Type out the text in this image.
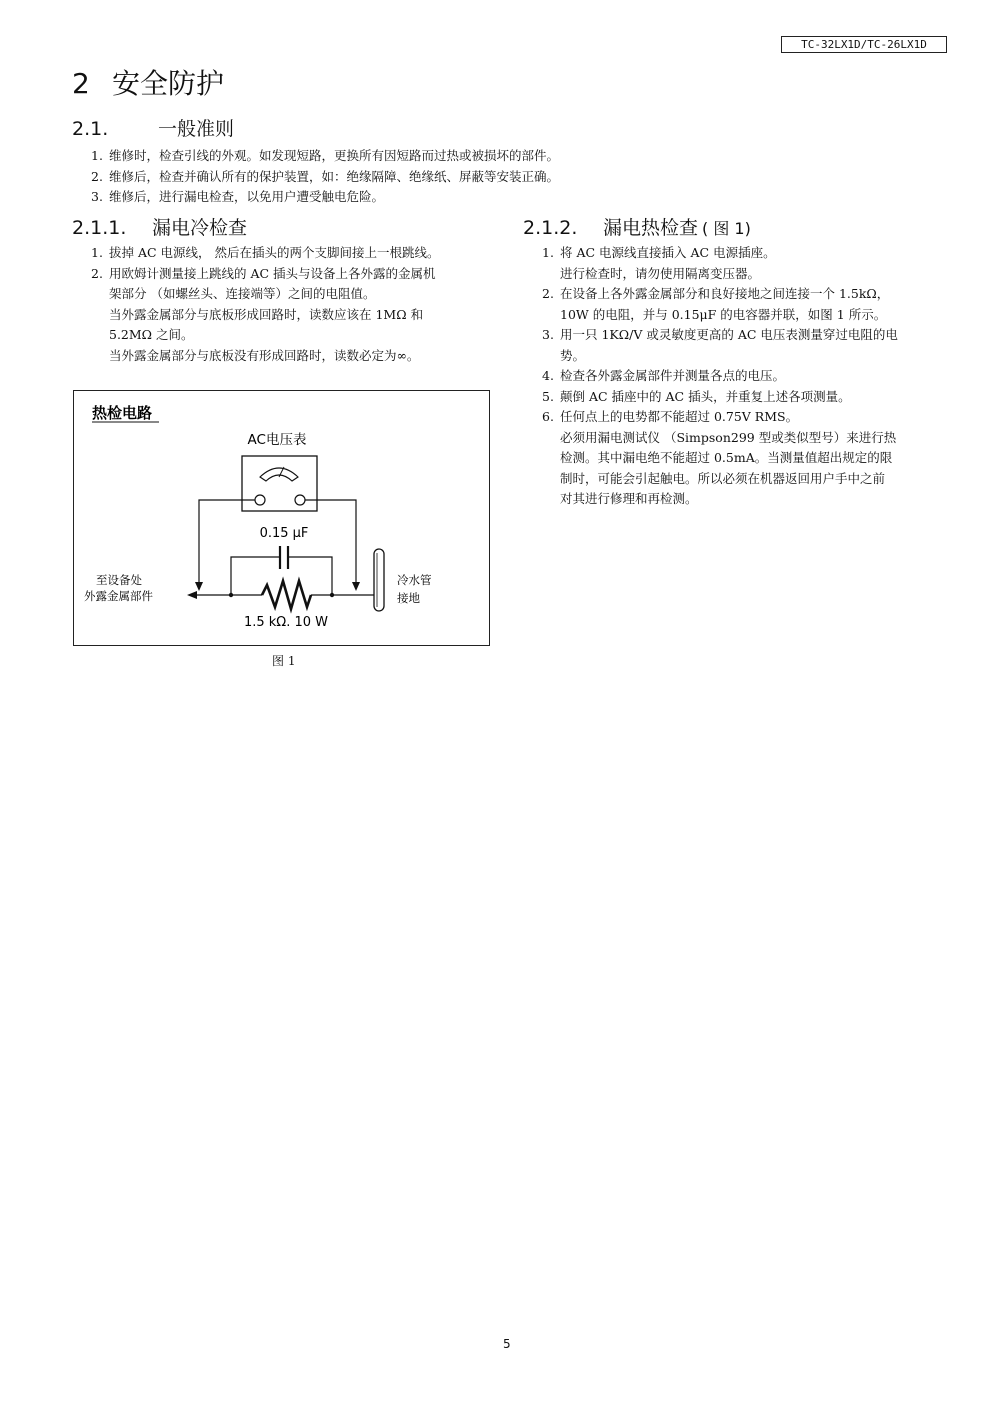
TC-32LX1D/TC-26LX1D
2 安全防护
2.1.	一般准则
1. 维修时，检查引线的外观。如发现短路，更换所有因短路而过热或被损坏的部件。
2. 维修后，检查并确认所有的保护装置，如：绝缘隔障、绝缘纸、屏蔽等安装正确。
3. 维修后，进行漏电检查，以免用户遭受触电危险。
2.1.1. 漏电冷检查
1. 拔掉 AC 电源线， 然后在插头的两个支脚间接上一根跳线。
2. 用欧姆计测量接上跳线的 AC 插头与设备上各外露的金属机
架部分 （如螺丝头、连接端等）之间的电阻值。
当外露金属部分与底板形成回路时，读数应该在 1MΩ 和
5.2MΩ 之间。
当外露金属部分与底板没有形成回路时，读数必定为∞。
2.1.2. 漏电热检查 ( 图 1)
1. 将 AC 电源线直接插入 AC 电源插座。
进行检查时，请勿使用隔离变压器。
2. 在设备上各外露金属部分和良好接地之间连接一个 1.5kΩ，
10W 的电阻，并与 0.15μF 的电容器并联，如图 1 所示。
3. 用一只 1KΩ/V 或灵敏度更高的 AC 电压表测量穿过电阻的电
势。
4. 检查各外露金属部件并测量各点的电压。
5. 颠倒 AC 插座中的 AC 插头，并重复上述各项测量。
6. 任何点上的电势都不能超过 0.75V RMS。
必须用漏电测试仪 （Simpson299 型或类似型号）来进行热
检测。其中漏电绝不能超过 0.5mA。当测量值超出规定的限
制时，可能会引起触电。所以必须在机器返回用户手中之前
对其进行修理和再检测。
热检电路
AC电压表
0.15 μF
1.5 kΩ. 10 W
至设备处
外露金属部件
冷水管
接地
图 1
5
